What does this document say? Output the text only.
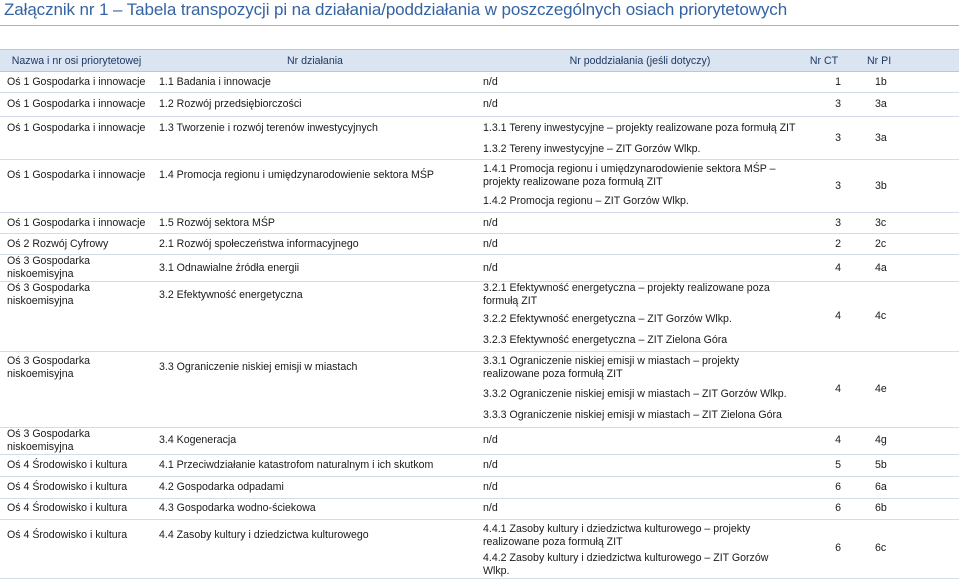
Załącznik nr 1 – Tabela transpozycji pi na działania/poddziałania w poszczególnych osiach priorytetowych
Nazwa i nr osi priorytetowej	Nr działania	Nr poddziałania (jeśli dotyczy)	Nr CT	Nr PI
Oś 1 Gospodarka i innowacje	1.1 Badania i innowacje	n/d	1	1b
Oś 1 Gospodarka i innowacje	1.2 Rozwój przedsiębiorczości	n/d	3	3a
Oś 1 Gospodarka i innowacje	1.3 Tworzenie i rozwój terenów inwestycyjnych	1.3.1 Tereny inwestycyjne – projekty realizowane poza formułą ZIT	3	3a
		1.3.2 Tereny inwestycyjne – ZIT Gorzów Wlkp.		
Oś 1 Gospodarka i innowacje	1.4 Promocja regionu i umiędzynarodowienie sektora MŚP	1.4.1 Promocja regionu i umiędzynarodowienie sektora MŚP – projekty realizowane poza formułą ZIT	3	3b
		1.4.2 Promocja regionu – ZIT Gorzów Wlkp.		
Oś 1 Gospodarka i innowacje	1.5 Rozwój sektora MŚP	n/d	3	3c
Oś 2 Rozwój Cyfrowy	2.1 Rozwój społeczeństwa informacyjnego	n/d	2	2c
Oś 3 Gospodarka niskoemisyjna	3.1 Odnawialne źródła energii	n/d	4	4a
Oś 3 Gospodarka niskoemisyjna	3.2 Efektywność energetyczna	3.2.1 Efektywność energetyczna – projekty realizowane poza formułą ZIT	4	4c
		3.2.2 Efektywność energetyczna – ZIT Gorzów Wlkp.		
		3.2.3 Efektywność energetyczna – ZIT Zielona Góra		
Oś 3 Gospodarka niskoemisyjna	3.3 Ograniczenie niskiej emisji w miastach	3.3.1 Ograniczenie niskiej emisji w miastach – projekty realizowane poza formułą ZIT	4	4e
		3.3.2 Ograniczenie niskiej emisji w miastach – ZIT Gorzów Wlkp.		
		3.3.3 Ograniczenie niskiej emisji w miastach – ZIT Zielona Góra		
Oś 3 Gospodarka niskoemisyjna	3.4 Kogeneracja	n/d	4	4g
Oś 4 Środowisko i kultura	4.1 Przeciwdziałanie katastrofom naturalnym i ich skutkom	n/d	5	5b
Oś 4 Środowisko i kultura	4.2 Gospodarka odpadami	n/d	6	6a
Oś 4 Środowisko i kultura	4.3 Gospodarka wodno-ściekowa	n/d	6	6b
Oś 4 Środowisko i kultura	4.4 Zasoby kultury i dziedzictwa kulturowego	4.4.1 Zasoby kultury i dziedzictwa kulturowego – projekty realizowane poza formułą ZIT	6	6c
		4.4.2 Zasoby kultury i dziedzictwa kulturowego – ZIT Gorzów Wlkp.		
